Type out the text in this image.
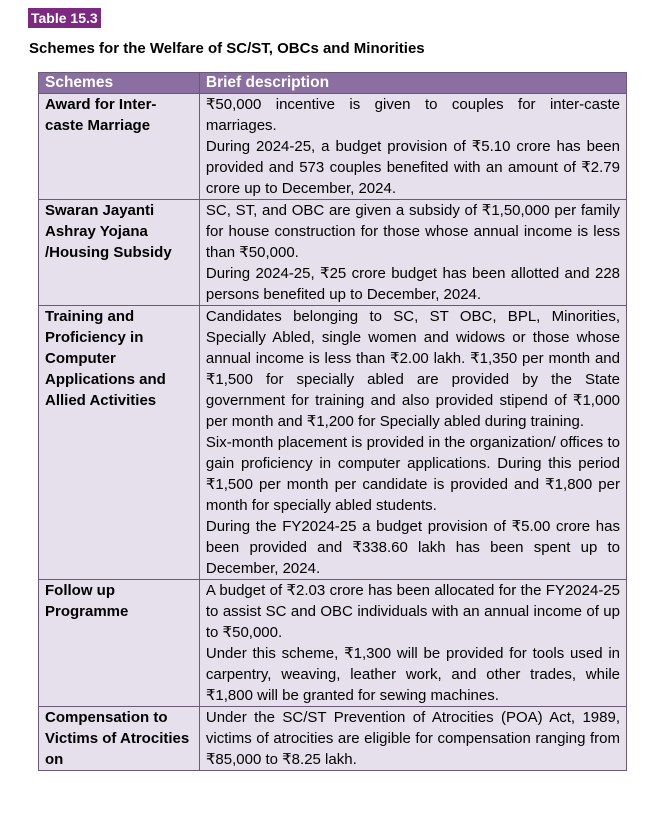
Table 15.3
Schemes for the Welfare of SC/ST, OBCs and Minorities
Schemes	Brief description
Award for Inter-caste Marriage	₹50,000 incentive is given to couples for inter-caste marriages.

During 2024-25, a budget provision of ₹5.10 crore has been provided and 573 couples benefited with an amount of ₹2.79 crore up to December, 2024.

Swaran Jayanti Ashray Yojana /Housing Subsidy	SC, ST, and OBC are given a subsidy of ₹1,50,000 per family for house construction for those whose annual income is less than ₹50,000.

During 2024-25, ₹25 crore budget has been allotted and 228 persons benefited up to December, 2024.

Training and Proficiency in Computer Applications and Allied Activities	Candidates belonging to SC, ST OBC, BPL, Minorities, Specially Abled, single women and widows or those whose annual income is less than ₹2.00 lakh. ₹1,350 per month and ₹1,500 for specially abled are provided by the State government for training and also provided stipend of ₹1,000 per month and ₹1,200 for Specially abled during training.

Six-month placement is provided in the organization/ offices to gain proficiency in computer applications. During this period ₹1,500 per month per candidate is provided and ₹1,800 per month for specially abled students.

During the FY2024-25 a budget provision of ₹5.00 crore has been provided and ₹338.60 lakh has been spent up to December, 2024.

Follow up Programme	A budget of ₹2.03 crore has been allocated for the FY2024-25 to assist SC and OBC individuals with an annual income of up to ₹50,000.

Under this scheme, ₹1,300 will be provided for tools used in carpentry, weaving, leather work, and other trades, while ₹1,800 will be granted for sewing machines.

Compensation to Victims of Atrocities on	Under the SC/ST Prevention of Atrocities (POA) Act, 1989, victims of atrocities are eligible for compensation ranging from ₹85,000 to ₹8.25 lakh.
